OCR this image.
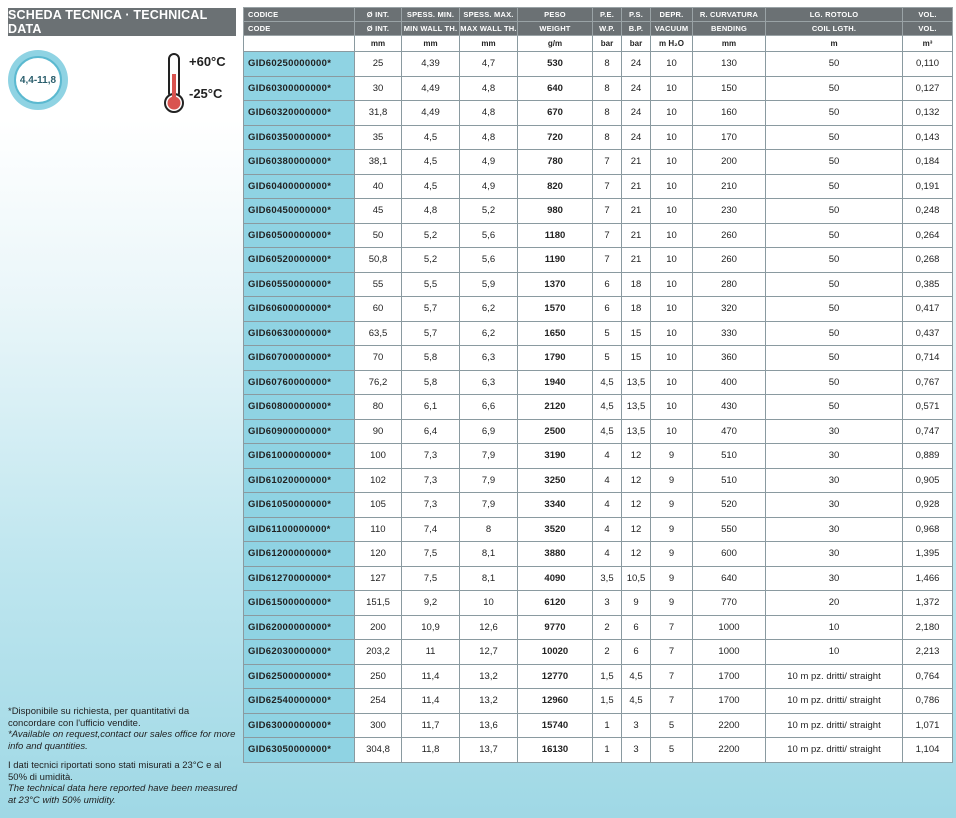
SCHEDA TECNICA · TECHNICAL DATA
4,4-11,8
+60°C
-25°C
CODICE	Ø INT.	SPESS. MIN.	SPESS. MAX.	PESO	P.E.	P.S.	DEPR.	R. CURVATURA	LG. ROTOLO	VOL.
CODE	Ø INT.	MIN WALL TH.	MAX WALL TH.	WEIGHT	W.P.	B.P.	VACUUM	BENDING	COIL LGTH.	VOL.
	mm	mm	mm	g/m	bar	bar	m H₂O	mm	m	m³
GID60250000000*	25	4,39	4,7	530	8	24	10	130	50	0,110
GID60300000000*	30	4,49	4,8	640	8	24	10	150	50	0,127
GID60320000000*	31,8	4,49	4,8	670	8	24	10	160	50	0,132
GID60350000000*	35	4,5	4,8	720	8	24	10	170	50	0,143
GID60380000000*	38,1	4,5	4,9	780	7	21	10	200	50	0,184
GID60400000000*	40	4,5	4,9	820	7	21	10	210	50	0,191
GID60450000000*	45	4,8	5,2	980	7	21	10	230	50	0,248
GID60500000000*	50	5,2	5,6	1180	7	21	10	260	50	0,264
GID60520000000*	50,8	5,2	5,6	1190	7	21	10	260	50	0,268
GID60550000000*	55	5,5	5,9	1370	6	18	10	280	50	0,385
GID60600000000*	60	5,7	6,2	1570	6	18	10	320	50	0,417
GID60630000000*	63,5	5,7	6,2	1650	5	15	10	330	50	0,437
GID60700000000*	70	5,8	6,3	1790	5	15	10	360	50	0,714
GID60760000000*	76,2	5,8	6,3	1940	4,5	13,5	10	400	50	0,767
GID60800000000*	80	6,1	6,6	2120	4,5	13,5	10	430	50	0,571
GID60900000000*	90	6,4	6,9	2500	4,5	13,5	10	470	30	0,747
GID61000000000*	100	7,3	7,9	3190	4	12	9	510	30	0,889
GID61020000000*	102	7,3	7,9	3250	4	12	9	510	30	0,905
GID61050000000*	105	7,3	7,9	3340	4	12	9	520	30	0,928
GID61100000000*	110	7,4	8	3520	4	12	9	550	30	0,968
GID61200000000*	120	7,5	8,1	3880	4	12	9	600	30	1,395
GID61270000000*	127	7,5	8,1	4090	3,5	10,5	9	640	30	1,466
GID61500000000*	151,5	9,2	10	6120	3	9	9	770	20	1,372
GID62000000000*	200	10,9	12,6	9770	2	6	7	1000	10	2,180
GID62030000000*	203,2	11	12,7	10020	2	6	7	1000	10	2,213
GID62500000000*	250	11,4	13,2	12770	1,5	4,5	7	1700	10 m pz. dritti/ straight	0,764
GID62540000000*	254	11,4	13,2	12960	1,5	4,5	7	1700	10 m pz. dritti/ straight	0,786
GID63000000000*	300	11,7	13,6	15740	1	3	5	2200	10 m pz. dritti/ straight	1,071
GID63050000000*	304,8	11,8	13,7	16130	1	3	5	2200	10 m pz. dritti/ straight	1,104

*Disponibile su richiesta, per quantitativi da concordare con l'ufficio vendite.

*Available on request,contact our sales office for more info and quantities.

I dati tecnici riportati sono stati misurati a 23°C e al 50% di umidità.

The technical data here reported have been measured at 23°C with 50% umidity.
